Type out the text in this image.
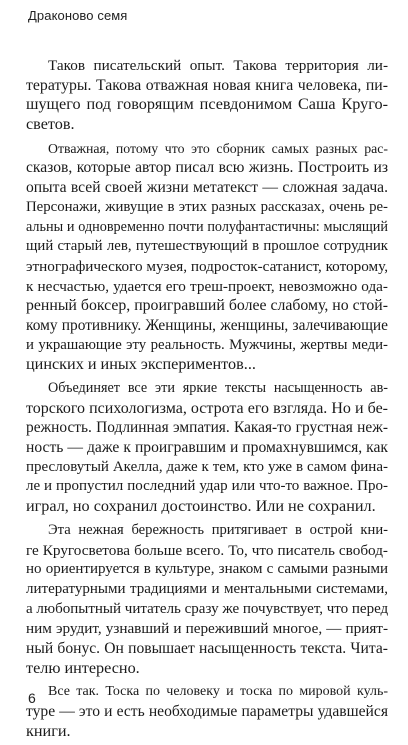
Драконово семя

Таков писательский опыт. Такова территория ли-
тературы. Такова отважная новая книга человека, пи-
шущего под говорящим псевдонимом Саша Круго-
светов.

Отважная, потому что это сборник самых разных рас-
сказов, которые автор писал всю жизнь. Построить из
опыта всей своей жизни метатекст — сложная задача.
Персонажи, живущие в этих разных рассказах, очень ре-
альны и одновременно почти полуфантастичны: мыслящий
щий старый лев, путешествующий в прошлое сотрудник
этнографического музея, подросток-сатанист, которому,
к несчастью, удается его треш-проект, невозможно ода-
ренный боксер, проигравший более слабому, но стой-
кому противнику. Женщины, женщины, залечивающие
и украшающие эту реальность. Мужчины, жертвы меди-
цинских и иных экспериментов...

Объединяет все эти яркие тексты насыщенность ав-
торского психологизма, острота его взгляда. Но и бе-
режность. Подлинная эмпатия. Какая-то грустная неж-
ность — даже к проигравшим и промахнувшимся, как
пресловутый Акелла, даже к тем, кто уже в самом фина-
ле и пропустил последний удар или что-то важное. Про-
играл, но сохранил достоинство. Или не сохранил.

Эта нежная бережность притягивает в острой кни-
ге Кругосветова больше всего. То, что писатель свобод-
но ориентируется в культуре, знаком с самыми разными
литературными традициями и ментальными системами,
а любопытный читатель сразу же почувствует, что перед
ним эрудит, узнавший и переживший многое, — прият-
ный бонус. Он повышает насыщенность текста. Чита-
телю интересно.

Все так. Тоска по человеку и тоска по мировой куль-
туре — это и есть необходимые параметры удавшейся
книги.

6
